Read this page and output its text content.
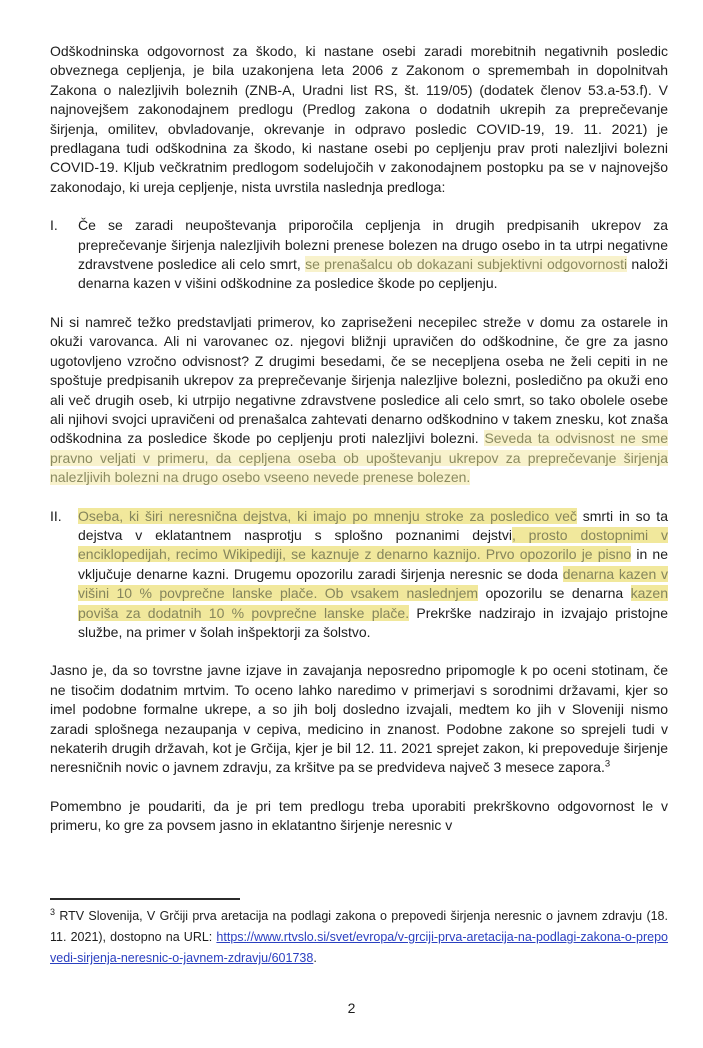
Odškodninska odgovornost za škodo, ki nastane osebi zaradi morebitnih negativnih posledic obveznega cepljenja, je bila uzakonjena leta 2006 z Zakonom o spremembah in dopolnitvah Zakona o nalezljivih boleznih (ZNB-A, Uradni list RS, št. 119/05) (dodatek členov 53.a-53.f). V najnovejšem zakonodajnem predlogu (Predlog zakona o dodatnih ukrepih za preprečevanje širjenja, omilitev, obvladovanje, okrevanje in odpravo posledic COVID-19, 19. 11. 2021) je predlagana tudi odškodnina za škodo, ki nastane osebi po cepljenju prav proti nalezljivi bolezni COVID-19. Kljub večkratnim predlogom sodelujočih v zakonodajnem postopku pa se v najnovejšo zakonodajo, ki ureja cepljenje, nista uvrstila naslednja predloga:

I.	Če se zaradi neupoštevanja priporočila cepljenja in drugih predpisanih ukrepov za preprečevanje širjenja nalezljivih bolezni prenese bolezen na drugo osebo in ta utrpi negativne zdravstvene posledice ali celo smrt, se prenašalcu ob dokazani subjektivni odgovornosti naloži denarna kazen v višini odškodnine za posledice škode po cepljenju.

Ni si namreč težko predstavljati primerov, ko zapriseženi necepilec streže v domu za ostarele in okuži varovanca. Ali ni varovanec oz. njegovi bližnji upravičen do odškodnine, če gre za jasno ugotovljeno vzročno odvisnost? Z drugimi besedami, če se necepljena oseba ne želi cepiti in ne spoštuje predpisanih ukrepov za preprečevanje širjenja nalezljive bolezni, posledično pa okuži eno ali več drugih oseb, ki utrpijo negativne zdravstvene posledice ali celo smrt, so tako obolele osebe ali njihovi svojci upravičeni od prenašalca zahtevati denarno odškodnino v takem znesku, kot znaša odškodnina za posledice škode po cepljenju proti nalezljivi bolezni. Seveda ta odvisnost ne sme pravno veljati v primeru, da cepljena oseba ob upoštevanju ukrepov za preprečevanje širjenja nalezljivih bolezni na drugo osebo vseeno nevede prenese bolezen.

II.	Oseba, ki širi neresnična dejstva, ki imajo po mnenju stroke za posledico več smrti in so ta dejstva v eklatantnem nasprotju s splošno poznanimi dejstvi, prosto dostopnimi v enciklopedijah, recimo Wikipediji, se kaznuje z denarno kaznijo. Prvo opozorilo je pisno in ne vključuje denarne kazni. Drugemu opozorilu zaradi širjenja neresnic se doda denarna kazen v višini 10 % povprečne lanske plače. Ob vsakem naslednjem opozorilu se denarna kazen poviša za dodatnih 10 % povprečne lanske plače. Prekrške nadzirajo in izvajajo pristojne službe, na primer v šolah inšpektorji za šolstvo.

Jasno je, da so tovrstne javne izjave in zavajanja neposredno pripomogle k po oceni stotinam, če ne tisočim dodatnim mrtvim. To oceno lahko naredimo v primerjavi s sorodnimi državami, kjer so imel podobne formalne ukrepe, a so jih bolj dosledno izvajali, medtem ko jih v Sloveniji nismo zaradi splošnega nezaupanja v cepiva, medicino in znanost. Podobne zakone so sprejeli tudi v nekaterih drugih državah, kot je Grčija, kjer je bil 12. 11. 2021 sprejet zakon, ki prepoveduje širjenje neresničnih novic o javnem zdravju, za kršitve pa se predvideva največ 3 mesece zapora.$^3$

Pomembno je poudariti, da je pri tem predlogu treba uporabiti prekrškovno odgovornost le v primeru, ko gre za povsem jasno in eklatantno širjenje neresnic v

$^3$ RTV Slovenija, V Grčiji prva aretacija na podlagi zakona o prepovedi širjenja neresnic o javnem zdravju (18. 11. 2021), dostopno na URL: https://www.rtvslo.si/svet/evropa/v-grciji-prva-aretacija-na-podlagi-zakona-o-prepovedi-sirjenja-neresnic-o-javnem-zdravju/601738.
2
